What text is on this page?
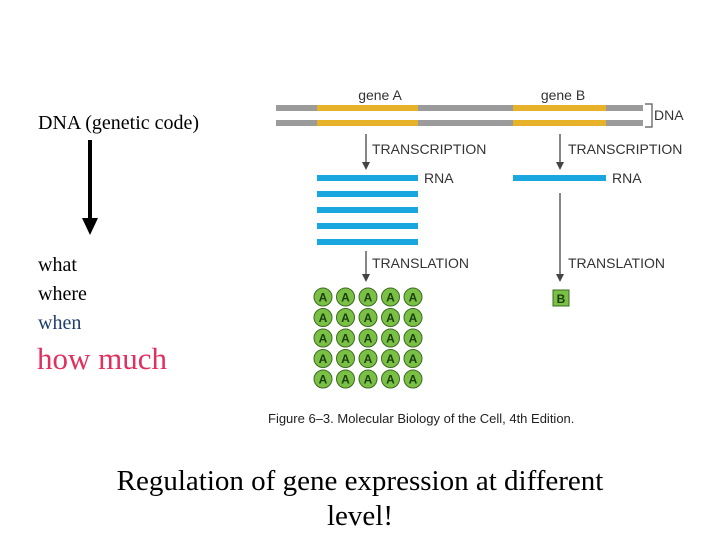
DNA (genetic code)
what
where
when
how much
gene A	gene B
DNA
TRANSCRIPTION	TRANSCRIPTION
RNA	RNA
TRANSLATION	TRANSLATION
A A A A A
A A A A A
A A A A A
A A A A A
A A A A A
B
Figure 6–3. Molecular Biology of the Cell, 4th Edition.
Regulation of gene expression at different
level!
